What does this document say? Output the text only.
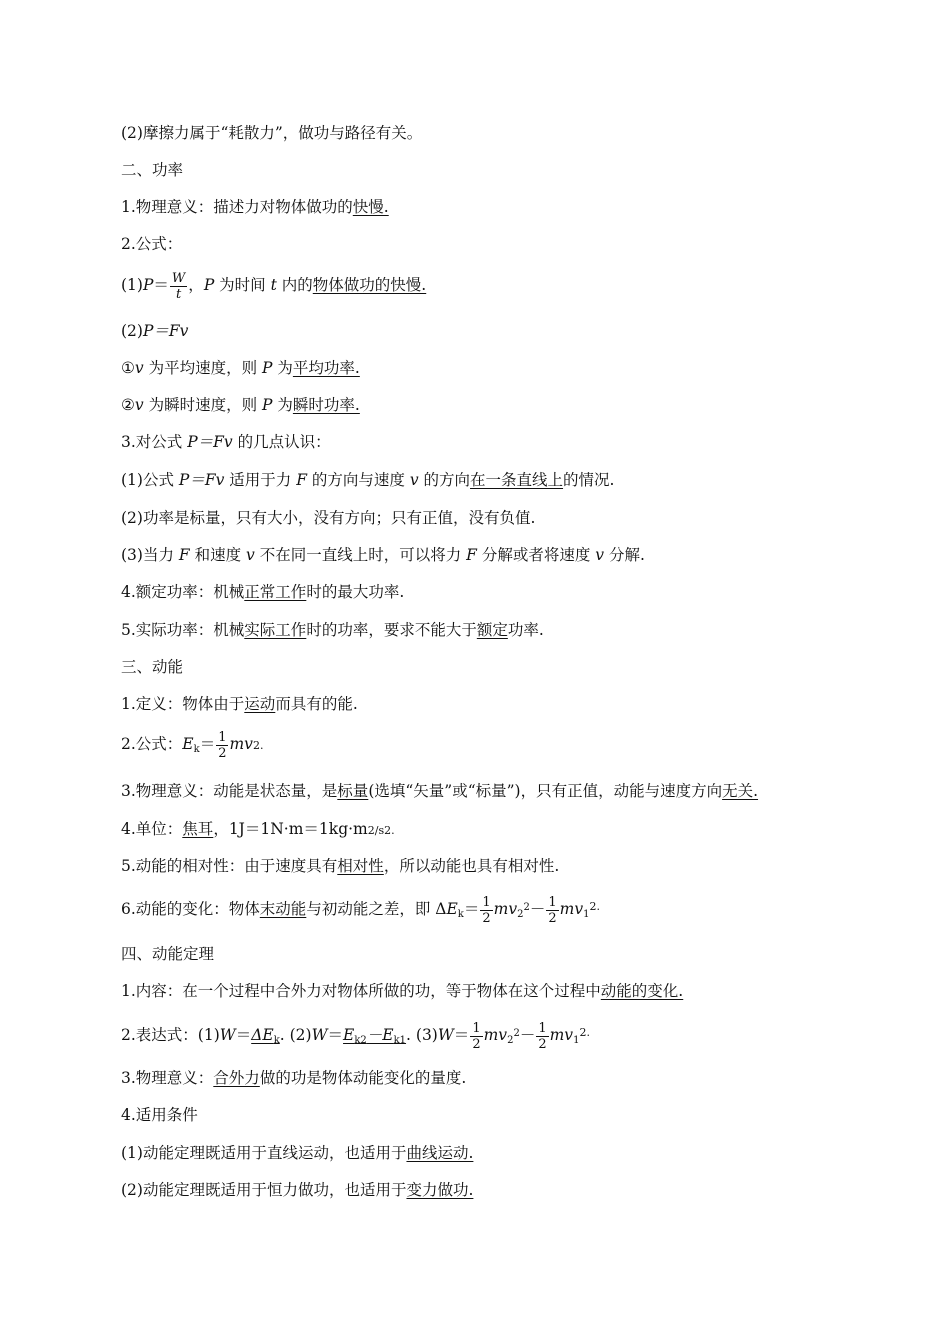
(2)摩擦力属于“耗散力”，做功与路径有关。
二、功率
1.物理意义：描述力对物体做功的快慢.
2.公式：
$(1)P= \frac{W}{t}$ ，P 为时间 t 内的物体做功的快慢.
(2)P＝Fv
①v 为平均速度，则 P 为平均功率.
②v 为瞬时速度，则 P 为瞬时功率.
3.对公式 P＝Fv 的几点认识：
(1)公式 P＝Fv 适用于力 F 的方向与速度 v 的方向在一条直线上的情况.
(2)功率是标量，只有大小，没有方向；只有正值，没有负值.
(3)当力 F 和速度 v 不在同一直线上时，可以将力 F 分解或者将速度 v 分解.
4.额定功率：机械正常工作时的最大功率.
5.实际功率：机械实际工作时的功率，要求不能大于额定功率.
三、动能
1.定义：物体由于运动而具有的能.
2.公式：$E_k= \frac{1}{2} mv2$.
3.物理意义：动能是状态量，是标量(选填“矢量”或“标量”)，只有正值，动能与速度方向无关.
4.单位：焦耳，1J＝1N·m＝1kg·m2/s2.
5.动能的相对性：由于速度具有相对性，所以动能也具有相对性.
6.动能的变化：物体末动能与初动能之差，即 $\Delta E_k= \frac{1}{2} mv_2^2- \frac{1}{2} mv_1^{2.}$
四、动能定理
1.内容：在一个过程中合外力对物体所做的功，等于物体在这个过程中动能的变化.
2.表达式：$(1)W=\Delta E_k$. $(2)W=E_{k2}-E_{k1}$. $(3)W= \frac{1}{2} mv_2^2- \frac{1}{2} mv_1^{2.}$
3.物理意义：合外力做的功是物体动能变化的量度.
4.适用条件
(1)动能定理既适用于直线运动，也适用于曲线运动.
(2)动能定理既适用于恒力做功，也适用于变力做功.
